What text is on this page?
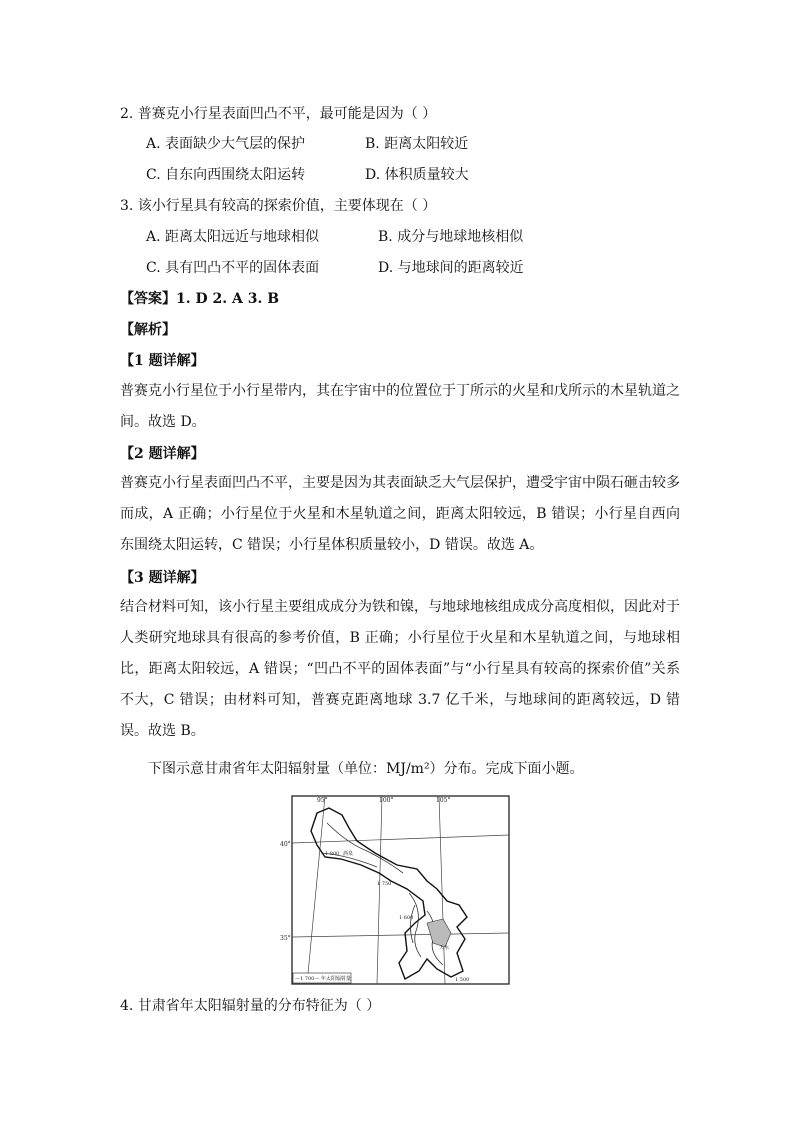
2. 普赛克小行星表面凹凸不平，最可能是因为（ ）
A. 表面缺少大气层的保护	B. 距离太阳较近
C. 自东向西围绕太阳运转	D. 体积质量较大
3. 该小行星具有较高的探索价值，主要体现在（ ）
A. 距离太阳远近与地球相似	B. 成分与地球地核相似
C. 具有凹凸不平的固体表面	D. 与地球间的距离较近
【答案】1. D 2. A 3. B
【解析】
【1 题详解】
普赛克小行星位于小行星带内，其在宇宙中的位置位于丁所示的火星和戊所示的木星轨道之间。故选 D。
【2 题详解】
普赛克小行星表面凹凸不平，主要是因为其表面缺乏大气层保护，遭受宇宙中陨石砸击较多而成，A 正确；小行星位于火星和木星轨道之间，距离太阳较远，B 错误；小行星自西向东围绕太阳运转，C 错误；小行星体积质量较小，D 错误。故选 A。
【3 题详解】
结合材料可知，该小行星主要组成成分为铁和镍，与地球地核组成成分高度相似，因此对于人类研究地球具有很高的参考价值，B 正确；小行星位于火星和木星轨道之间，与地球相比，距离太阳较远，A 错误；“凹凸不平的固体表面”与“小行星具有较高的探索价值”关系不大，C 错误；由材料可知，普赛克距离地球 3.7 亿千米，与地球间的距离较远，D 错误。故选 B。
下图示意甘肃省年太阳辐射量（单位：MJ/m²）分布。完成下面小题。
95°	100°	105°
40°
35°
1 800 酒泉
1 750
1 600
天水
1 500
—1 700— 年太阳辐射量
4. 甘肃省年太阳辐射量的分布特征为（ ）
